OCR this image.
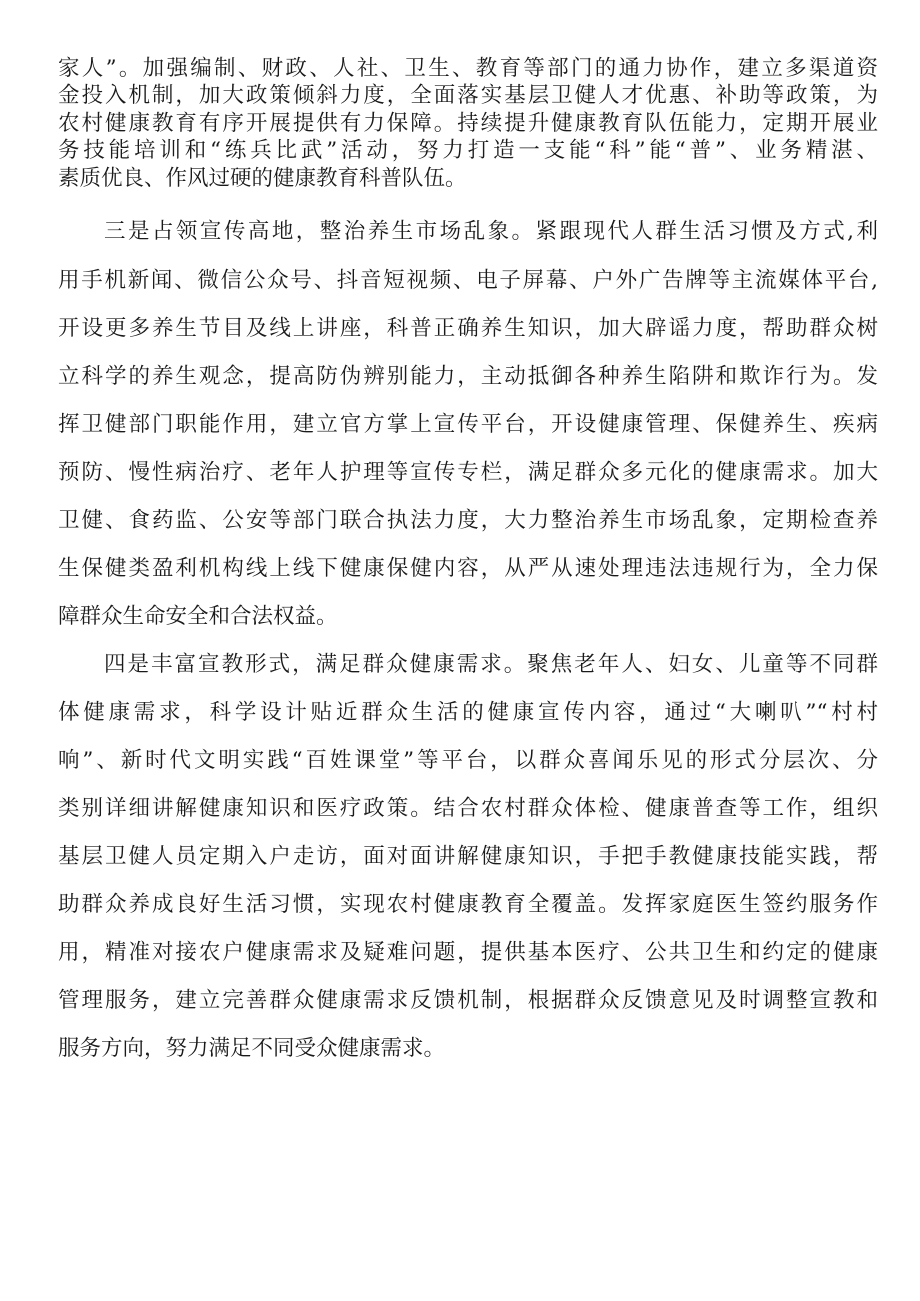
家人”。加强编制、财政、人社、卫生、教育等部门的通力协作，建立多渠道资
金投入机制，加大政策倾斜力度，全面落实基层卫健人才优惠、补助等政策，为
农村健康教育有序开展提供有力保障。持续提升健康教育队伍能力，定期开展业
务技能培训和“练兵比武”活动，努力打造一支能“科”能“普”、业务精湛、
素质优良、作风过硬的健康教育科普队伍。
三是占领宣传高地，整治养生市场乱象。紧跟现代人群生活习惯及方式,利
用手机新闻、微信公众号、抖音短视频、电子屏幕、户外广告牌等主流媒体平台,
开设更多养生节目及线上讲座，科普正确养生知识，加大辟谣力度，帮助群众树
立科学的养生观念，提高防伪辨别能力，主动抵御各种养生陷阱和欺诈行为。发
挥卫健部门职能作用，建立官方掌上宣传平台，开设健康管理、保健养生、疾病
预防、慢性病治疗、老年人护理等宣传专栏，满足群众多元化的健康需求。加大
卫健、食药监、公安等部门联合执法力度，大力整治养生市场乱象，定期检查养
生保健类盈利机构线上线下健康保健内容，从严从速处理违法违规行为，全力保
障群众生命安全和合法权益。
四是丰富宣教形式，满足群众健康需求。聚焦老年人、妇女、儿童等不同群
体健康需求，科学设计贴近群众生活的健康宣传内容，通过“大喇叭”“村村
响”、新时代文明实践“百姓课堂”等平台，以群众喜闻乐见的形式分层次、分
类别详细讲解健康知识和医疗政策。结合农村群众体检、健康普查等工作，组织
基层卫健人员定期入户走访，面对面讲解健康知识，手把手教健康技能实践，帮
助群众养成良好生活习惯，实现农村健康教育全覆盖。发挥家庭医生签约服务作
用，精准对接农户健康需求及疑难问题，提供基本医疗、公共卫生和约定的健康
管理服务，建立完善群众健康需求反馈机制，根据群众反馈意见及时调整宣教和
服务方向，努力满足不同受众健康需求。
